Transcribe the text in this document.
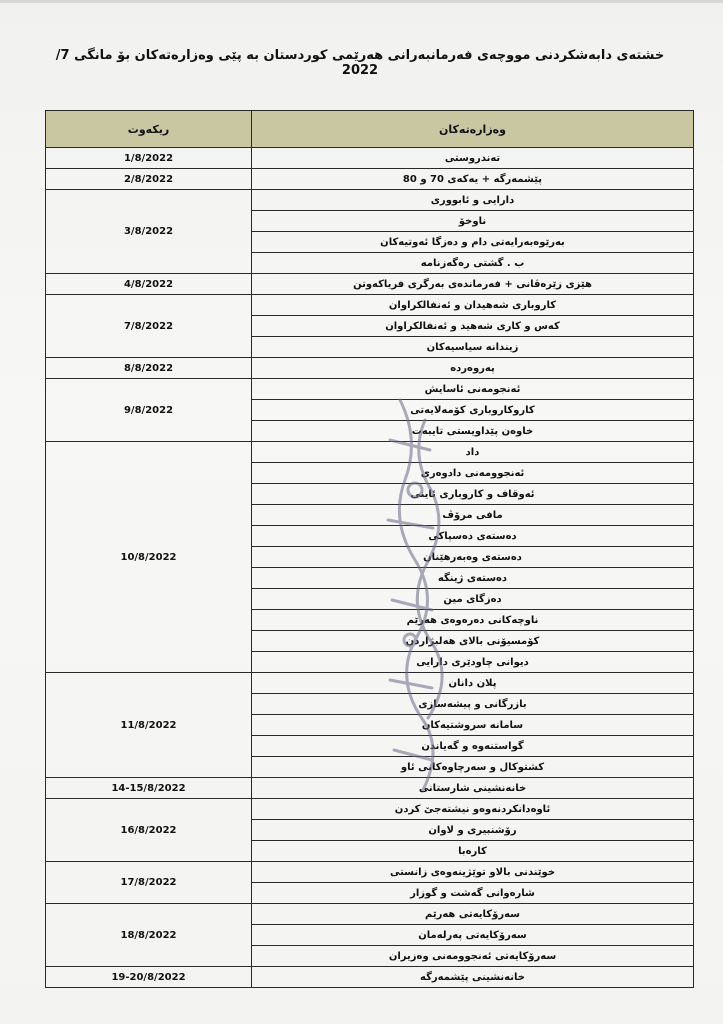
خشتەی دابەشکردنی مووچەی فەرمانبەرانی هەرێمی کوردستان بە پێی وەزارەتەکان بۆ مانگی 7/ 2022
وەزارەتەکان	ریکەوت
تەندروستی	1/8/2022
پێشمەرگە + یەکەی 70 و 80	2/8/2022
دارایی و ئابووری	3/8/2022
ناوخۆ	
بەرێوەبەرایەتی دام و دەزگا ئەوتیەکان	
ب . گشتی رەگەزنامە	
هێزی زێرەڤانی + فەرماندەی بەرگری فریاکەوتن	4/8/2022
کاروباری شەهیدان و ئەنفالکراوان	7/8/2022
کەس و کاری شەهید و ئەنفالکراوان	
زیندانە سیاسیەکان	
پەروەردە	8/8/2022
ئەنجومەنی ئاسایش	9/8/2022
کاروکاروباری کۆمەلایەتی	
خاوەن پێداویستی تایبەت	
داد	10/8/2022
ئەنجوومەنی دادوەری	
ئەوقاف و کاروباری ئاینی	
مافی مرۆڤ	
دەستەی دەسپاکی	
دەستەی وەبەرهێنان	
دەستەی ژینگە	
دەزگای مین	
ناوچەکانی دەرەوەی هەرێم	
کۆمسیۆنی بالای هەلبژاردن	
دیوانی چاودێری دارایی	
پلان دانان	11/8/2022
بازرگانی و پیشەسازی	
سامانە سروشتیەکان	
گواستنەوە و گەیاندن	
کشتوکال و سەرچاوەکانی ئاو	
خانەنشینی شارستانی	14-15/8/2022
ئاوەدانکردنەوەو نیشتەجێ کردن	16/8/2022
رۆشنبیری و لاوان	
کارەبا	
خوێندنی بالاو توێژینەوەی زانستی	17/8/2022
شارەوانی گەشت و گوزار	
سەرۆکایەتی هەرێم	18/8/2022
سەرۆکایەتی پەرلەمان	
سەرۆکایەتی ئەنجوومەنی وەزیران	
خانەنشینی پێشمەرگە	19-20/8/2022
